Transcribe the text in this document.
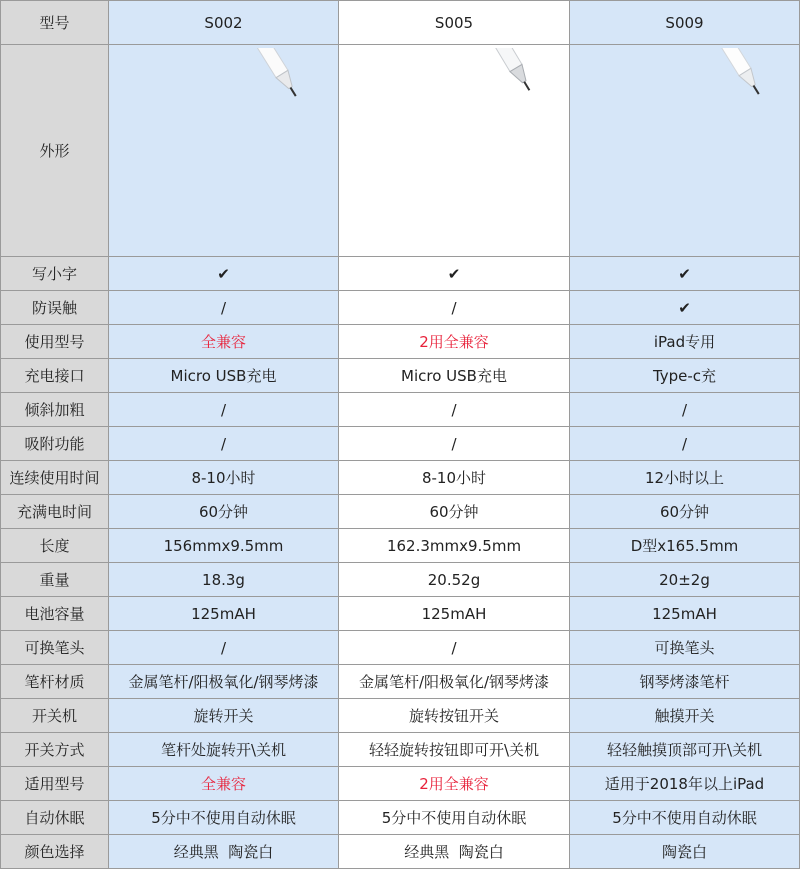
型号	S002	S005	S009
外形	

写小字	✔	✔	✔
防误触	/	/	✔
使用型号	全兼容	2用全兼容	iPad专用
充电接口	Micro USB充电	Micro USB充电	Type-c充
倾斜加粗	/	/	/
吸附功能	/	/	/
连续使用时间	8-10小时	8-10小时	12小时以上
充满电时间	60分钟	60分钟	60分钟
长度	156mmx9.5mm	162.3mmx9.5mm	D型x165.5mm
重量	18.3g	20.52g	20±2g
电池容量	125mAH	125mAH	125mAH
可换笔头	/	/	可换笔头
笔杆材质	金属笔杆/阳极氧化/钢琴烤漆	金属笔杆/阳极氧化/钢琴烤漆	钢琴烤漆笔杆
开关机	旋转开关	旋转按钮开关	触摸开关
开关方式	笔杆处旋转开\关机	轻轻旋转按钮即可开\关机	轻轻触摸顶部可开\关机
适用型号	全兼容	2用全兼容	适用于2018年以上iPad
自动休眠	5分中不使用自动休眠	5分中不使用自动休眠	5分中不使用自动休眠
颜色选择	经典黑  陶瓷白	经典黑  陶瓷白	陶瓷白
